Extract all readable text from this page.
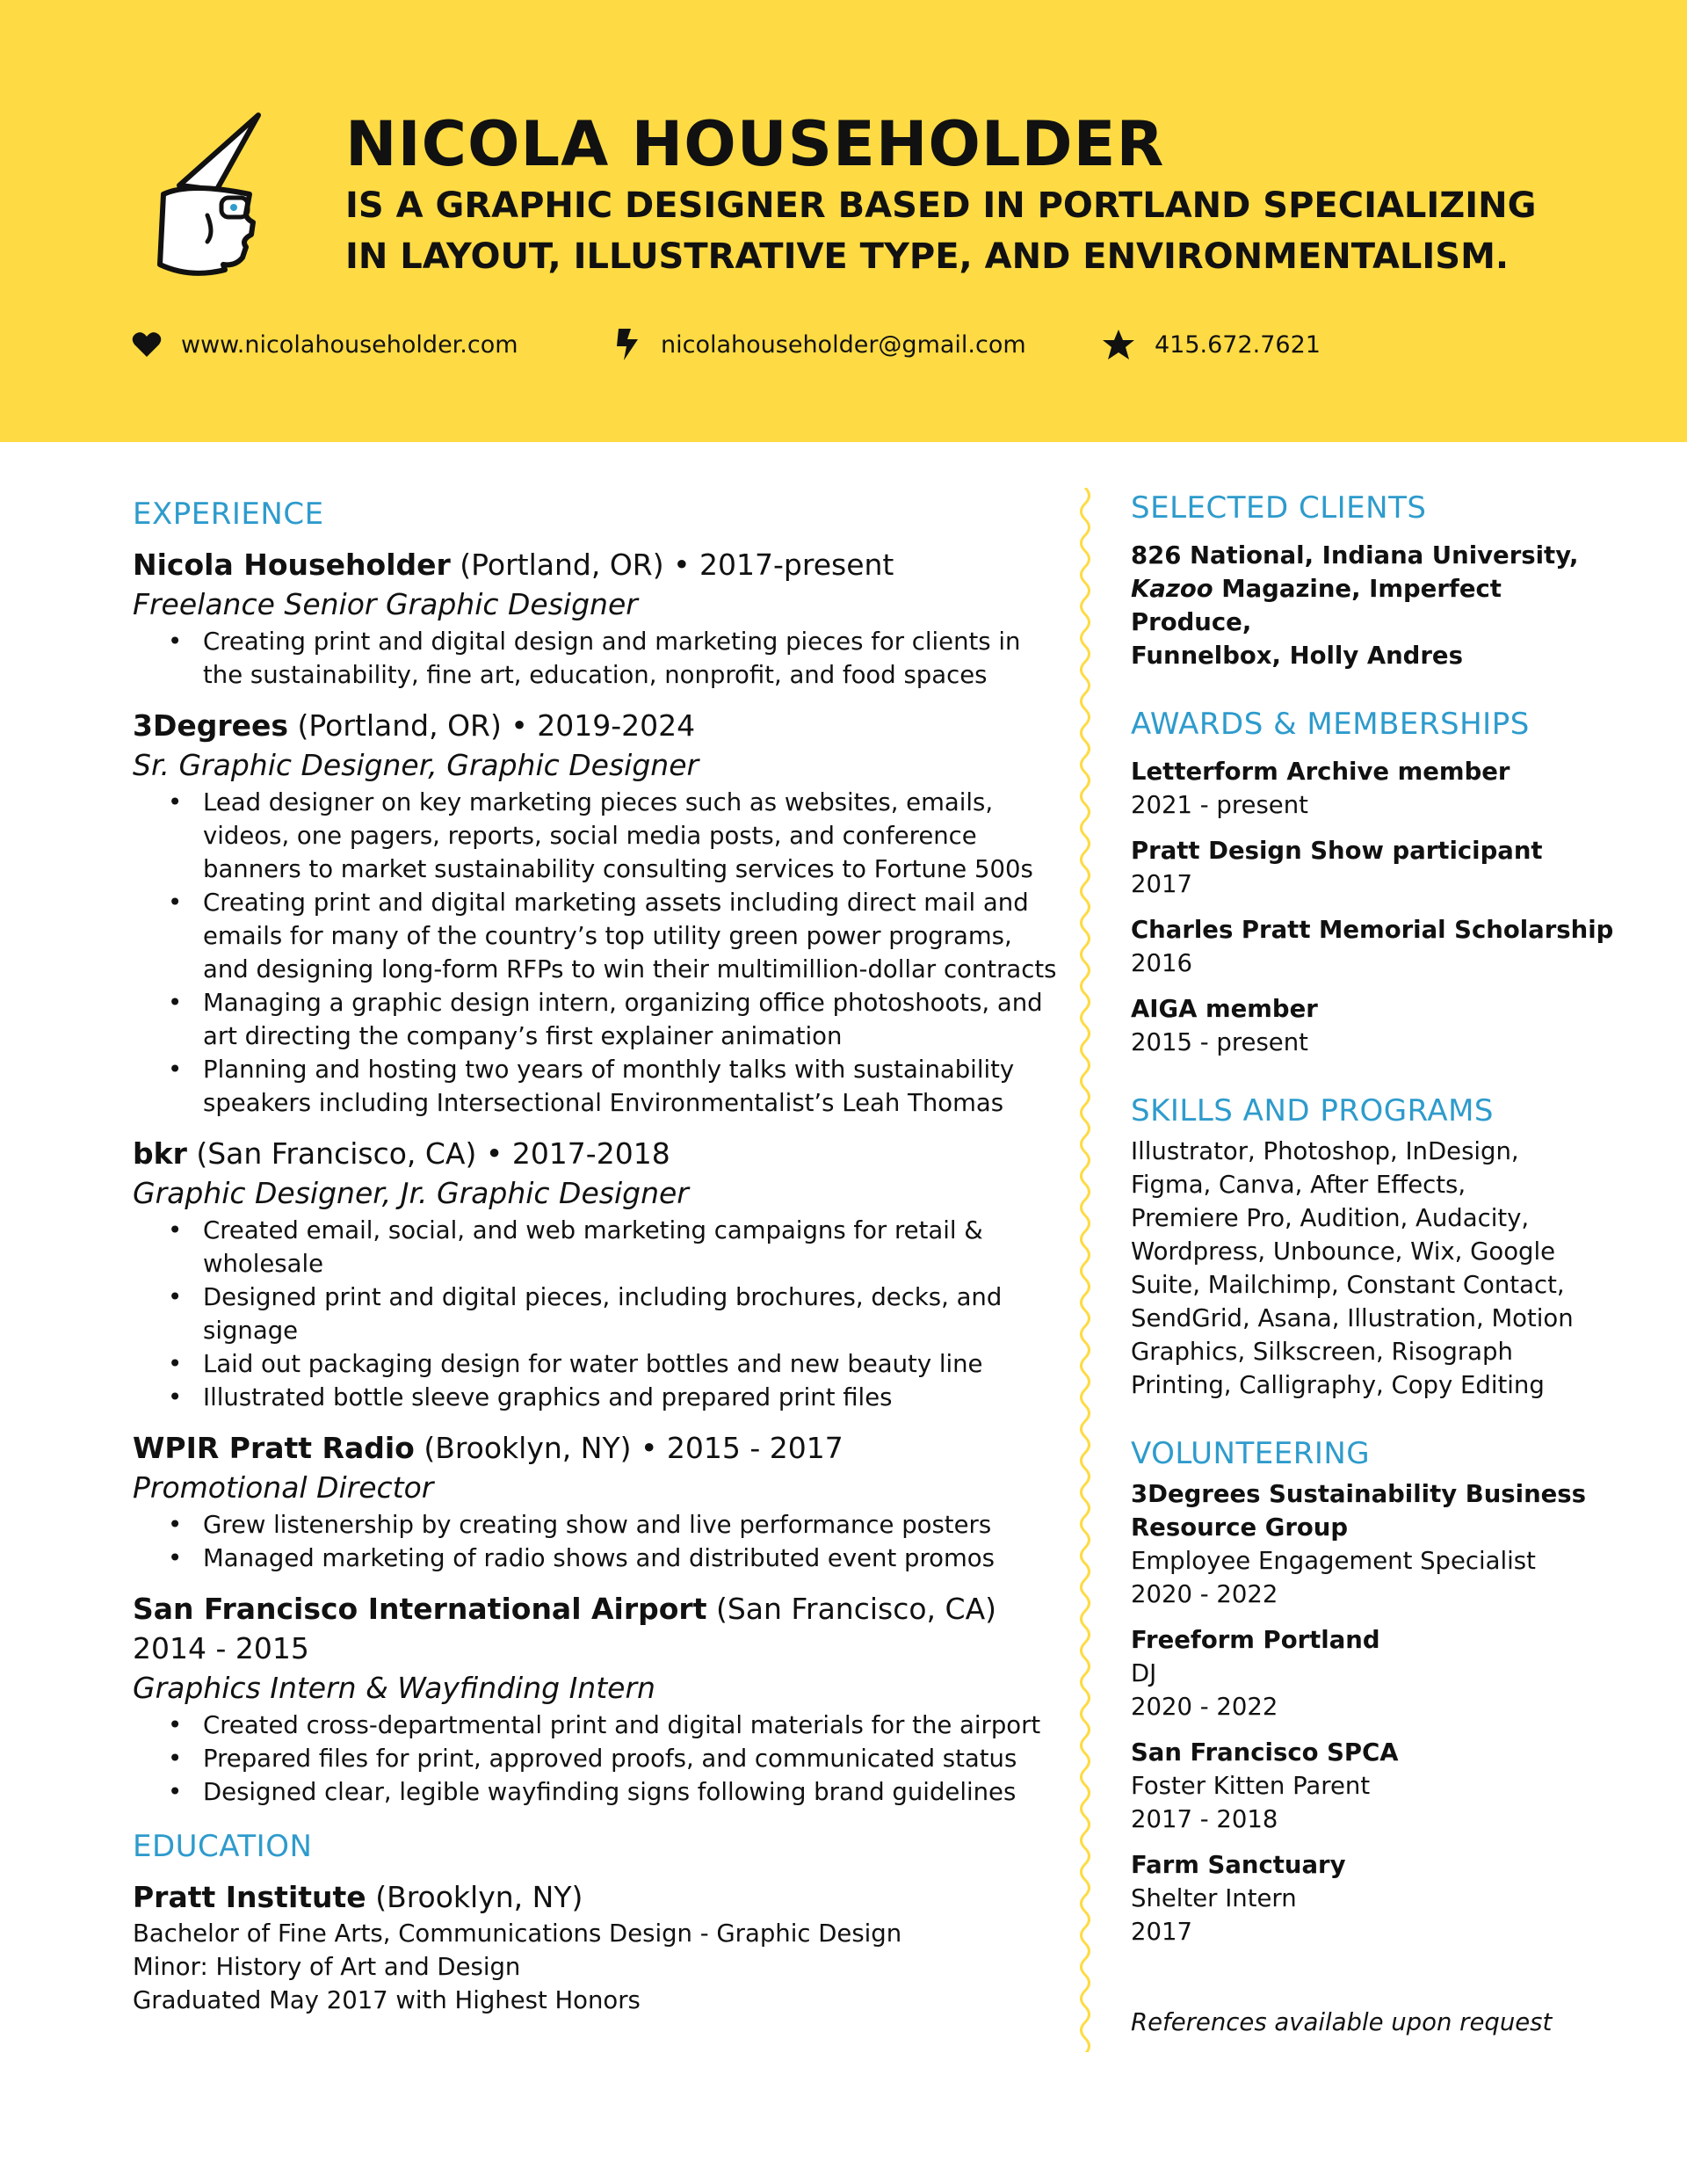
NICOLA HOUSEHOLDER
IS A GRAPHIC DESIGNER BASED IN PORTLAND SPECIALIZING
IN LAYOUT, ILLUSTRATIVE TYPE, AND ENVIRONMENTALISM.
www.nicolahouseholder.com	nicolahouseholder@gmail.com	415.672.7621
EXPERIENCE

Nicola Householder (Portland, OR) • 2017-present

Freelance Senior Graphic Designer

• Creating print and digital design and marketing pieces for clients in the sustainability, fine art, education, nonprofit, and food spaces

3Degrees (Portland, OR) • 2019-2024

Sr. Graphic Designer, Graphic Designer

• Lead designer on key marketing pieces such as websites, emails, videos, one pagers, reports, social media posts, and conference banners to market sustainability consulting services to Fortune 500s
• Creating print and digital marketing assets including direct mail and emails for many of the country’s top utility green power programs, and designing long-form RFPs to win their multimillion-dollar contracts
• Managing a graphic design intern, organizing office photoshoots, and art directing the company’s first explainer animation
• Planning and hosting two years of monthly talks with sustainability speakers including Intersectional Environmentalist’s Leah Thomas

bkr (San Francisco, CA) • 2017-2018

Graphic Designer, Jr. Graphic Designer

• Created email, social, and web marketing campaigns for retail & wholesale
• Designed print and digital pieces, including brochures, decks, and signage
• Laid out packaging design for water bottles and new beauty line
• Illustrated bottle sleeve graphics and prepared print files

WPIR Pratt Radio (Brooklyn, NY) • 2015 - 2017

Promotional Director

• Grew listenership by creating show and live performance posters
• Managed marketing of radio shows and distributed event promos

San Francisco International Airport (San Francisco, CA)

2014 - 2015

Graphics Intern & Wayfinding Intern

• Created cross-departmental print and digital materials for the airport
• Prepared files for print, approved proofs, and communicated status
• Designed clear, legible wayfinding signs following brand guidelines
EDUCATION

Pratt Institute (Brooklyn, NY)

Bachelor of Fine Arts, Communications Design - Graphic Design

Minor: History of Art and Design

Graduated May 2017 with Highest Honors

SELECTED CLIENTS

826 National, Indiana University,

Kazoo Magazine, Imperfect Produce,

Funnelbox, Holly Andres

AWARDS & MEMBERSHIPS

Letterform Archive member

2021 - present

Pratt Design Show participant

2017

Charles Pratt Memorial Scholarship

2016

AIGA member

2015 - present

SKILLS AND PROGRAMS

Illustrator, Photoshop, InDesign,

Figma, Canva, After Effects,

Premiere Pro, Audition, Audacity,

Wordpress, Unbounce, Wix, Google

Suite, Mailchimp, Constant Contact,

SendGrid, Asana, Illustration, Motion

Graphics, Silkscreen, Risograph

Printing, Calligraphy, Copy Editing

VOLUNTEERING

3Degrees Sustainability Business

Resource Group

Employee Engagement Specialist

2020 - 2022

Freeform Portland

DJ

2020 - 2022

San Francisco SPCA

Foster Kitten Parent

2017 - 2018

Farm Sanctuary

Shelter Intern

2017

References available upon request
